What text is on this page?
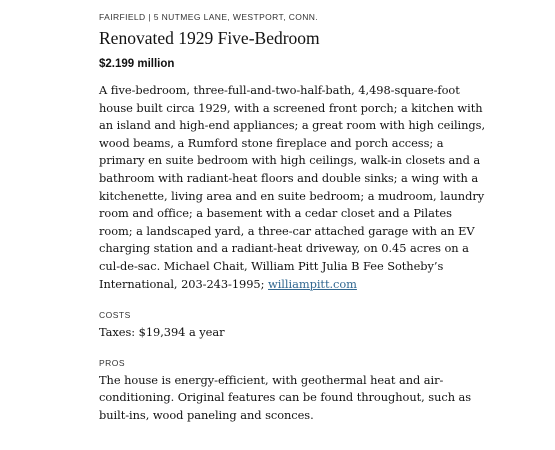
FAIRFIELD | 5 NUTMEG LANE, WESTPORT, CONN.

Renovated 1929 Five-Bedroom

$2.199 million

A five-bedroom, three-full-and-two-half-bath, 4,498-square-foot
house built circa 1929, with a screened front porch; a kitchen with
an island and high-end appliances; a great room with high ceilings,
wood beams, a Rumford stone fireplace and porch access; a
primary en suite bedroom with high ceilings, walk-in closets and a
bathroom with radiant-heat floors and double sinks; a wing with a
kitchenette, living area and en suite bedroom; a mudroom, laundry
room and office; a basement with a cedar closet and a Pilates
room; a landscaped yard, a three-car attached garage with an EV
charging station and a radiant-heat driveway, on 0.45 acres on a
cul-de-sac. Michael Chait, William Pitt Julia B Fee Sotheby’s
International, 203-243-1995; williampitt.com

COSTS

Taxes: $19,394 a year

PROS

The house is energy-efficient, with geothermal heat and air-
conditioning. Original features can be found throughout, such as
built-ins, wood paneling and sconces.
